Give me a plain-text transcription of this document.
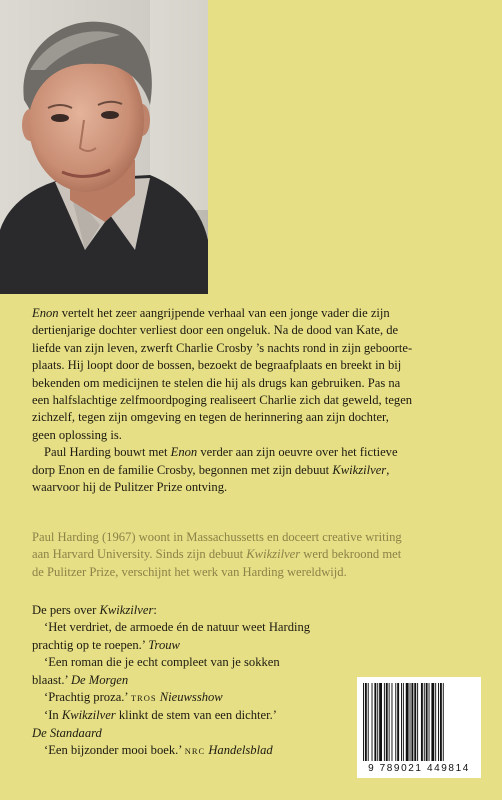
Enon vertelt het zeer aangrijpende verhaal van een jonge vader die zijn
dertienjarige dochter verliest door een ongeluk. Na de dood van Kate, de
liefde van zijn leven, zwerft Charlie Crosby ’s nachts rond in zijn geboorte-
plaats. Hij loopt door de bossen, bezoekt de begraafplaats en breekt in bij
bekenden om medicijnen te stelen die hij als drugs kan gebruiken. Pas na
een halfslachtige zelfmoordpoging realiseert Charlie zich dat geweld, tegen
zichzelf, tegen zijn omgeving en tegen de herinnering aan zijn dochter,
geen oplossing is.

Paul Harding bouwt met Enon verder aan zijn oeuvre over het fictieve
dorp Enon en de familie Crosby, begonnen met zijn debuut Kwikzilver,
waarvoor hij de Pulitzer Prize ontving.

Paul Harding (1967) woont in Massachussetts en doceert creative writing
aan Harvard University. Sinds zijn debuut Kwikzilver werd bekroond met
de Pulitzer Prize, verschijnt het werk van Harding wereldwijd.

De pers over Kwikzilver:

‘Het verdriet, de armoede én de natuur weet Harding
prachtig op te roepen.’ Trouw

‘Een roman die je echt compleet van je sokken
blaast.’ De Morgen

‘Prachtig proza.’ TROS Nieuwsshow

‘In Kwikzilver klinkt de stem van een dichter.’
De Standaard

‘Een bijzonder mooi boek.’ NRC Handelsblad

9 789021 449814
